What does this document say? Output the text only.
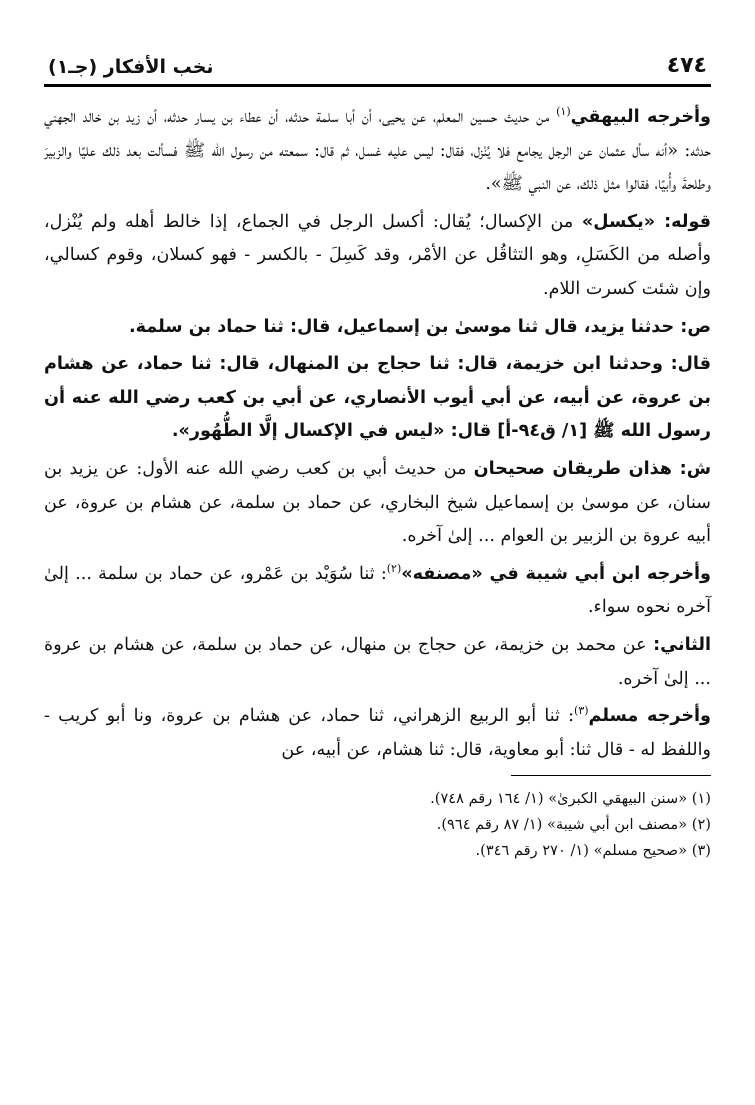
٤٧٤
نخب الأفكار (جـ١)

وأخرجه البيهقي$^{(١)}$ من حديث حسين المعلم، عن يحيى، أن أبا سلمة حدثه، أن عطاء بن يسار حدثه، أن زيد بن خالد الجهني حدثه: «أنه سأل عثمان عن الرجل يجامع فلا يُنْزل، فقال: ليس عليه غسل، ثم قال: سمعته من رسول الله ﷺ فسألت بعد ذلك عليًا والزبيرَ وطلحةَ وأُبيًا، فقالوا مثل ذلك، عن النبي ﷺ».

قوله: «يكسل» من الإكسال؛ يُقال: أكسل الرجل في الجماع، إذا خالط أهله ولم يُنْزل، وأصله من الكَسَلِ، وهو التثاقُل عن الأمْر، وقد كَسِلَ - بالكسر - فهو كسلان، وقوم كسالي، وإن شئت كسرت اللام.

ص: حدثنا يزيد، قال ثنا موسىٰ بن إسماعيل، قال: ثنا حماد بن سلمة.

قال: وحدثنا ابن خزيمة، قال: ثنا حجاج بن المنهال، قال: ثنا حماد، عن هشام بن عروة، عن أبيه، عن أبي أيوب الأنصاري، عن أبي بن كعب رضي الله عنه أن رسول الله ﷺ [١/ ق٩٤-أ] قال: «ليس في الإكسال إلَّا الطُّهُور».

ش: هذان طريقان صحيحان من حديث أبي بن كعب رضي الله عنه الأول: عن يزيد بن سنان، عن موسىٰ بن إسماعيل شيخ البخاري، عن حماد بن سلمة، عن هشام بن عروة، عن أبيه عروة بن الزبير بن العوام ... إلىٰ آخره.

وأخرجه ابن أبي شيبة في «مصنفه»$^{(٢)}$: ثنا سُوَيْد بن عَمْرو، عن حماد بن سلمة ... إلىٰ آخره نحوه سواء.

الثاني: عن محمد بن خزيمة، عن حجاج بن منهال، عن حماد بن سلمة، عن هشام بن عروة ... إلىٰ آخره.

وأخرجه مسلم$^{(٣)}$: ثنا أبو الربيع الزهراني، ثنا حماد، عن هشام بن عروة، ونا أبو كريب - واللفظ له - قال ثنا: أبو معاوية، قال: ثنا هشام، عن أبيه، عن

(١) «سنن البيهقي الكبرىٰ» (١/ ١٦٤ رقم ٧٤٨).

(٢) «مصنف ابن أبي شيبة» (١/ ٨٧ رقم ٩٦٤).

(٣) «صحيح مسلم» (١/ ٢٧٠ رقم ٣٤٦).
